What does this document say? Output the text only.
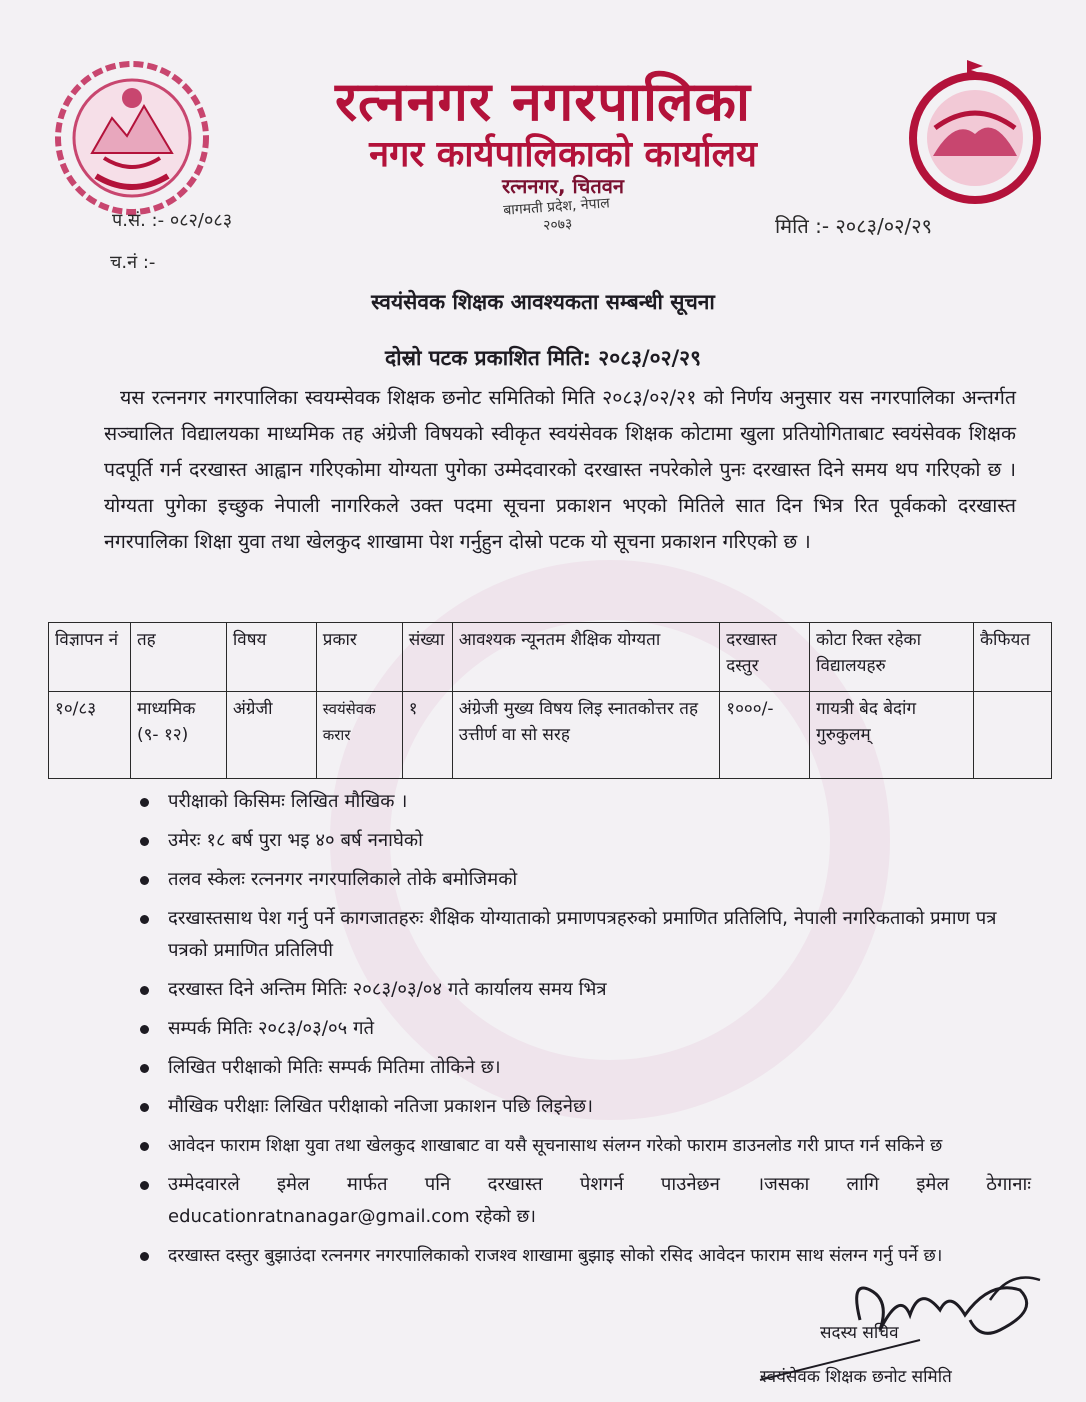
रत्ननगर नगरपालिका
नगर कार्यपालिकाको कार्यालय
रत्ननगर, चितवन
बागमती प्रदेश, नेपाल
२०७३
प.सं. :- ०८२/०८३
च.नं :-
मिति :- २०८३/०२/२९
स्वयंसेवक शिक्षक आवश्यकता सम्बन्धी सूचना
दोस्रो पटक प्रकाशित मिति: २०८३/०२/२९
यस रत्ननगर नगरपालिका स्वयम्सेवक शिक्षक छनोट समितिको मिति २०८३/०२/२१ को निर्णय अनुसार यस नगरपालिका अन्तर्गत सञ्चालित विद्यालयका माध्यमिक तह अंग्रेजी विषयको स्वीकृत स्वयंसेवक शिक्षक कोटामा खुला प्रतियोगिताबाट स्वयंसेवक शिक्षक पदपूर्ति गर्न दरखास्त आह्वान गरिएकोमा योग्यता पुगेका उम्मेदवारको दरखास्त नपरेकोले पुनः दरखास्त दिने समय थप गरिएको छ । योग्यता पुगेका इच्छुक नेपाली नागरिकले उक्त पदमा सूचना प्रकाशन भएको मितिले सात दिन भित्र रित पूर्वकको दरखास्त नगरपालिका शिक्षा युवा तथा खेलकुद शाखामा पेश गर्नुहुन दोस्रो पटक यो सूचना प्रकाशन गरिएको छ ।
विज्ञापन नं	तह	विषय	प्रकार	संख्या	आवश्यक न्यूनतम शैक्षिक योग्यता	दरखास्त दस्तुर	कोटा रिक्त रहेका विद्यालयहरु	कैफियत
१०/८३	माध्यमिक (९- १२)	अंग्रेजी	स्वयंसेवक करार	१	अंग्रेजी मुख्य विषय लिइ स्नातकोत्तर तह उत्तीर्ण वा सो सरह	१०००/-	गायत्री बेद बेदांग गुरुकुलम्	
परीक्षाको किसिमः लिखित मौखिक ।
उमेरः १८ बर्ष पुरा भइ ४० बर्ष ननाघेको
तलव स्केलः रत्ननगर नगरपालिकाले तोके बमोजिमको
दरखास्तसाथ पेश गर्नु पर्ने कागजातहरुः शैक्षिक योग्याताको प्रमाणपत्रहरुको प्रमाणित प्रतिलिपि, नेपाली नगरिकताको प्रमाण पत्र पत्रको प्रमाणित प्रतिलिपी
दरखास्त दिने अन्तिम मितिः २०८३/०३/०४ गते कार्यालय समय भित्र
सम्पर्क मितिः २०८३/०३/०५ गते
लिखित परीक्षाको मितिः सम्पर्क मितिमा तोकिने छ।
मौखिक परीक्षाः लिखित परीक्षाको नतिजा प्रकाशन पछि लिइनेछ।
आवेदन फाराम शिक्षा युवा तथा खेलकुद शाखाबाट वा यसै सूचनासाथ संलग्न गरेको फाराम डाउनलोड गरी प्राप्त गर्न सकिने छ
उम्मेदवारले इमेल मार्फत पनि दरखास्त पेशगर्न पाउनेछन ।जसका लागि इमेल ठेगानाः
educationratnanagar@gmail.com रहेको छ।
दरखास्त दस्तुर बुझाउंदा रत्ननगर नगरपालिकाको राजश्व शाखामा बुझाइ सोको रसिद आवेदन फाराम साथ संलग्न गर्नु पर्ने छ।
सदस्य सचिव
स्वयंसेवक शिक्षक छनोट समिति
